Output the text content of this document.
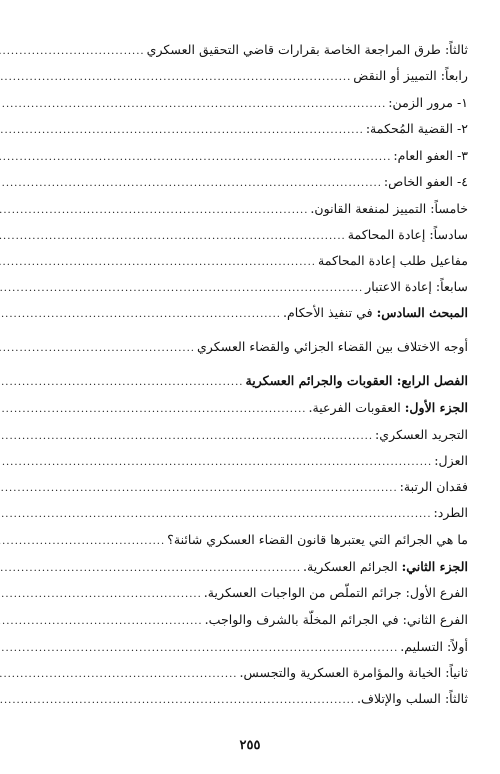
ثالثاً: طرق المراجعة الخاصة بقرارات قاضي التحقيق العسكري
.....
رابعاً: التمييز أو النقض
.....
١- مرور الزمن:
.....
٢- القضية المُحكمة:
.....
٣- العفو العام:
.....
٤- العفو الخاص:
.....
خامساً: التمييز لمنفعة القانون.
.....
سادساً: إعادة المحاكمة
.....
مفاعيل طلب إعادة المحاكمة
.....
سابعاً: إعادة الاعتبار
.....
المبحث السادس: في تنفيذ الأحكام.
.....
أوجه الاختلاف بين القضاء الجزائي والقضاء العسكري
.....
الفصل الرابع: العقوبات والجرائم العسكرية
.....
الجزء الأول: العقوبات الفرعية.
.....
التجريد العسكري:
.....
العزل:
.....
فقدان الرتبة:
.....
الطرد:
.....
ما هي الجرائم التي يعتبرها قانون القضاء العسكري شائنة؟
.....
الجزء الثاني: الجرائم العسكرية.
.....
الفرع الأول: جرائم التملّص من الواجبات العسكرية.
.....
الفرع الثاني: في الجرائم المخلّة بالشرف والواجب.
.....
أولاً: التسليم.
.....
ثانياً: الخيانة والمؤامرة العسكرية والتجسس.
.....
ثالثاً: السلب والإتلاف.
.....
٢٥٥
